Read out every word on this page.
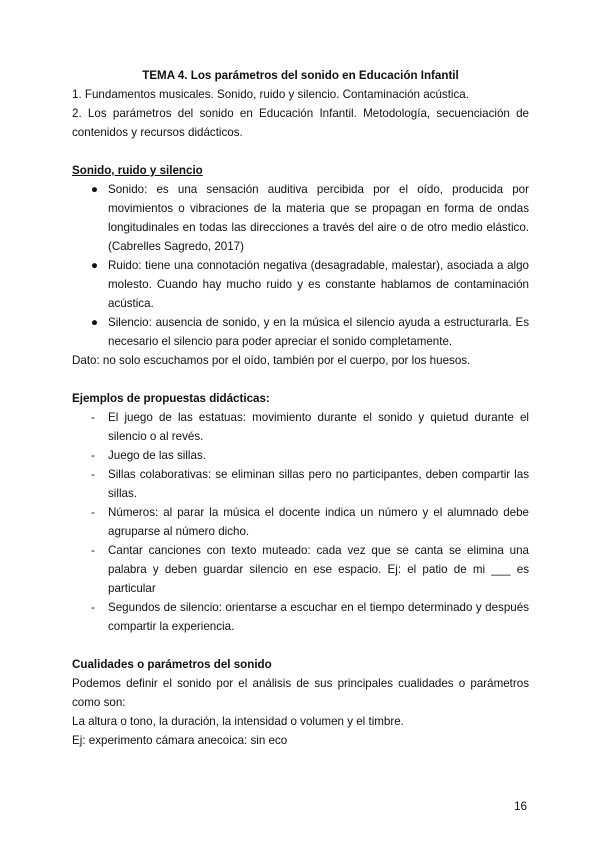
TEMA 4. Los parámetros del sonido en Educación Infantil

1. Fundamentos musicales. Sonido, ruido y silencio. Contaminación acústica.

2. Los parámetros del sonido en Educación Infantil. Metodología, secuenciación de contenidos y recursos didácticos.

Sonido, ruido y silencio

● Sonido: es una sensación auditiva percibida por el oído, producida por movimientos o vibraciones de la materia que se propagan en forma de ondas longitudinales en todas las direcciones a través del aire o de otro medio elástico. (Cabrelles Sagredo, 2017)
● Ruido: tiene una connotación negativa (desagradable, malestar), asociada a algo molesto. Cuando hay mucho ruido y es constante hablamos de contaminación acústica.
● Silencio: ausencia de sonido, y en la música el silencio ayuda a estructurarla. Es necesario el silencio para poder apreciar el sonido completamente.

Dato: no solo escuchamos por el oído, también por el cuerpo, por los huesos.

Ejemplos de propuestas didácticas:

- El juego de las estatuas: movimiento durante el sonido y quietud durante el silencio o al revés.
- Juego de las sillas.
- Sillas colaborativas: se eliminan sillas pero no participantes, deben compartir las sillas.
- Números: al parar la música el docente indica un número y el alumnado debe agruparse al número dicho.
- Cantar canciones con texto muteado: cada vez que se canta se elimina una palabra y deben guardar silencio en ese espacio. Ej: el patio de mi ___ es particular
- Segundos de silencio: orientarse a escuchar en el tiempo determinado y después compartir la experiencia.

Cualidades o parámetros del sonido

Podemos definir el sonido por el análisis de sus principales cualidades o parámetros como son:

La altura o tono, la duración, la intensidad o volumen y el timbre.

Ej: experimento cámara anecoica: sin eco

16
